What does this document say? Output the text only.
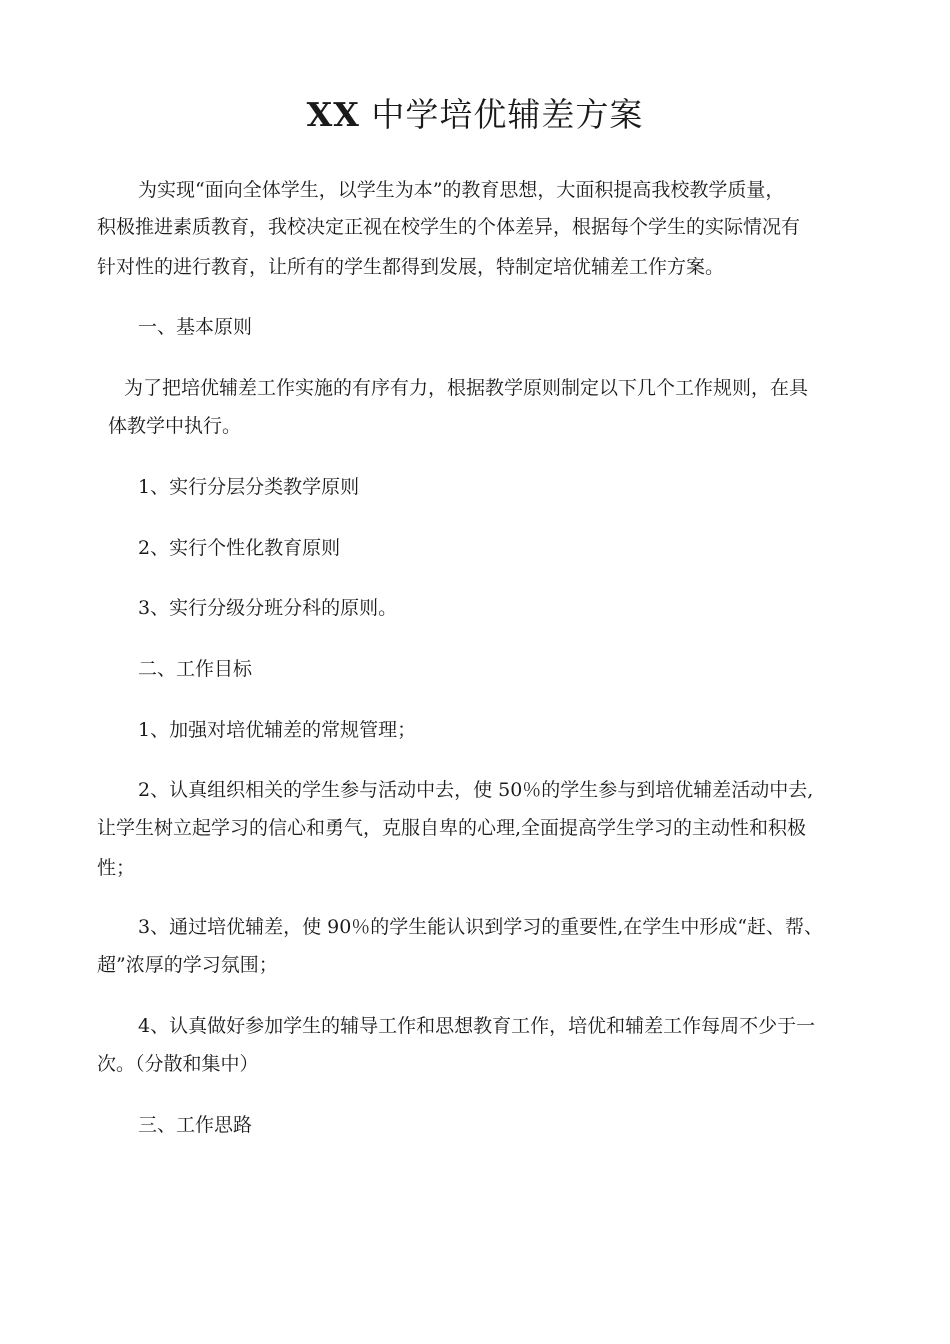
XX 中学培优辅差方案

为实现“面向全体学生，以学生为本”的教育思想，大面积提高我校教学质量，

积极推进素质教育，我校决定正视在校学生的个体差异，根据每个学生的实际情况有
针对性的进行教育，让所有的学生都得到发展，特制定培优辅差工作方案。

一、基本原则

为了把培优辅差工作实施的有序有力，根据教学原则制定以下几个工作规则，在具

体教学中执行。

1、实行分层分类教学原则

2、实行个性化教育原则

3、实行分级分班分科的原则。

二、工作目标

1、加强对培优辅差的常规管理；

2、认真组织相关的学生参与活动中去，使 50％的学生参与到培优辅差活动中去,

让学生树立起学习的信心和勇气，克服自卑的心理,全面提高学生学习的主动性和积极
性；

3、通过培优辅差，使 90％的学生能认识到学习的重要性,在学生中形成“赶、帮、

超”浓厚的学习氛围；

4、认真做好参加学生的辅导工作和思想教育工作，培优和辅差工作每周不少于一

次。（分散和集中）

三、工作思路
